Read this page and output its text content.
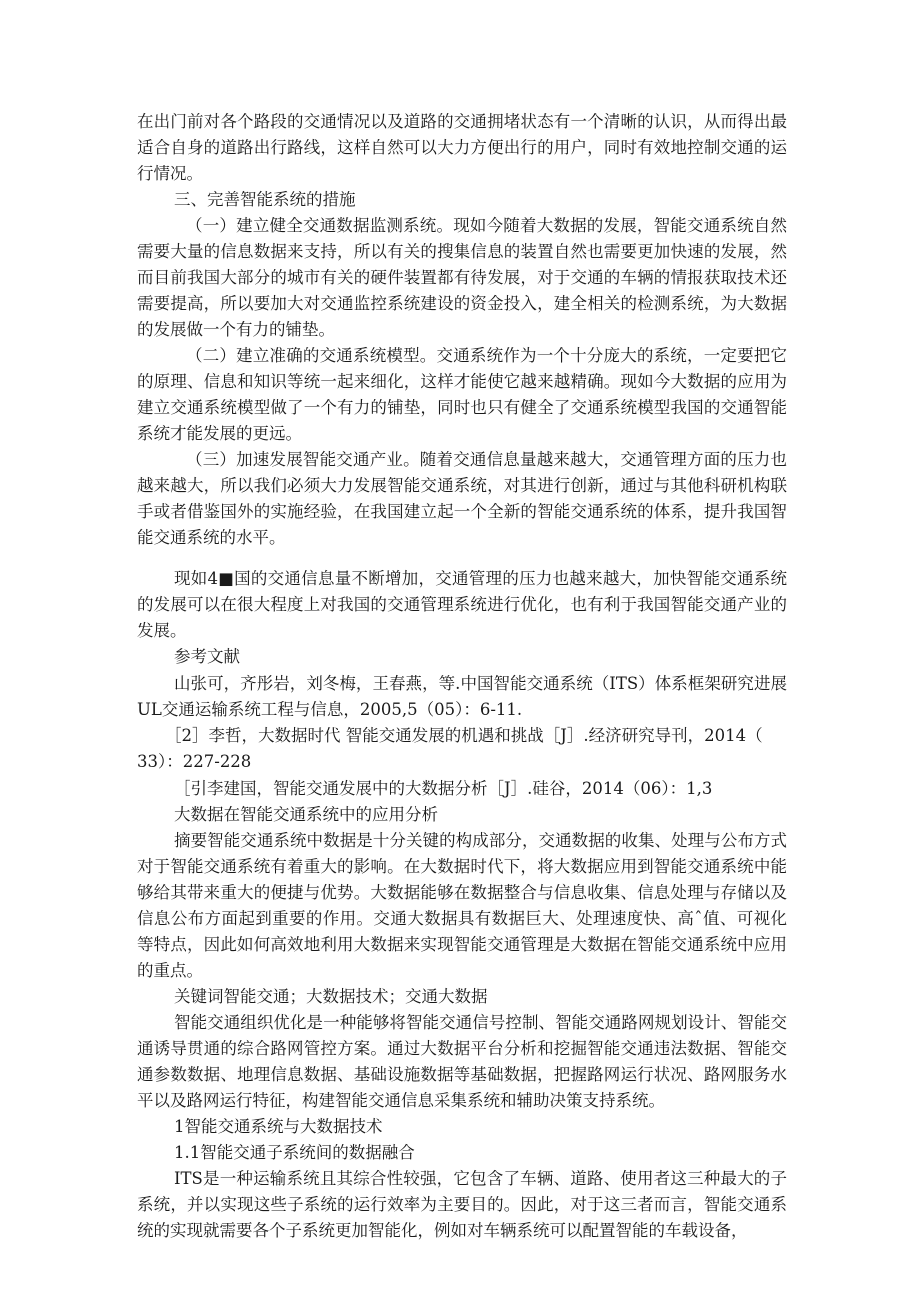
在出门前对各个路段的交通情况以及道路的交通拥堵状态有一个清晰的认识，从而得出最适合自身的道路出行路线，这样自然可以大力方便出行的用户，同时有效地控制交通的运行情况。

三、完善智能系统的措施

（一）建立健全交通数据监测系统。现如今随着大数据的发展，智能交通系统自然需要大量的信息数据来支持，所以有关的搜集信息的装置自然也需要更加快速的发展，然而目前我国大部分的城市有关的硬件装置都有待发展，对于交通的车辆的情报获取技术还需要提高，所以要加大对交通监控系统建设的资金投入，建全相关的检测系统，为大数据的发展做一个有力的铺垫。

（二）建立准确的交通系统模型。交通系统作为一个十分庞大的系统，一定要把它的原理、信息和知识等统一起来细化，这样才能使它越来越精确。现如今大数据的应用为建立交通系统模型做了一个有力的铺垫，同时也只有健全了交通系统模型我国的交通智能系统才能发展的更远。

（三）加速发展智能交通产业。随着交通信息量越来越大，交通管理方面的压力也越来越大，所以我们必须大力发展智能交通系统，对其进行创新，通过与其他科研机构联手或者借鉴国外的实施经验，在我国建立起一个全新的智能交通系统的体系，提升我国智能交通系统的水平。

现如4■国的交通信息量不断增加，交通管理的压力也越来越大，加快智能交通系统的发展可以在很大程度上对我国的交通管理系统进行优化，也有利于我国智能交通产业的发展。

参考文献

山张可，齐彤岩，刘冬梅，王春燕，等.中国智能交通系统（ITS）体系框架研究进展UL交通运输系统工程与信息，2005,5（05）：6-11.

［2］李哲，大数据时代 智能交通发展的机遇和挑战［J］.经济研究导刊，2014（

33）：227-228

［引李建国，智能交通发展中的大数据分析［J］.硅谷，2014（06）：1,3

大数据在智能交通系统中的应用分析

摘要智能交通系统中数据是十分关键的构成部分，交通数据的收集、处理与公布方式对于智能交通系统有着重大的影响。在大数据时代下，将大数据应用到智能交通系统中能够给其带来重大的便捷与优势。大数据能够在数据整合与信息收集、信息处理与存储以及信息公布方面起到重要的作用。交通大数据具有数据巨大、处理速度快、高ˆ值、可视化等特点，因此如何高效地利用大数据来实现智能交通管理是大数据在智能交通系统中应用的重点。

关键词智能交通；大数据技术；交通大数据

智能交通组织优化是一种能够将智能交通信号控制、智能交通路网规划设计、智能交通诱导贯通的综合路网管控方案。通过大数据平台分析和挖掘智能交通违法数据、智能交通参数数据、地理信息数据、基础设施数据等基础数据，把握路网运行状况、路网服务水平以及路网运行特征，构建智能交通信息采集系统和辅助决策支持系统。

1智能交通系统与大数据技术

1.1智能交通子系统间的数据融合

ITS是一种运输系统且其综合性较强，它包含了车辆、道路、使用者这三种最大的子系统，并以实现这些子系统的运行效率为主要目的。因此，对于这三者而言，智能交通系统的实现就需要各个子系统更加智能化，例如对车辆系统可以配置智能的车载设备，
